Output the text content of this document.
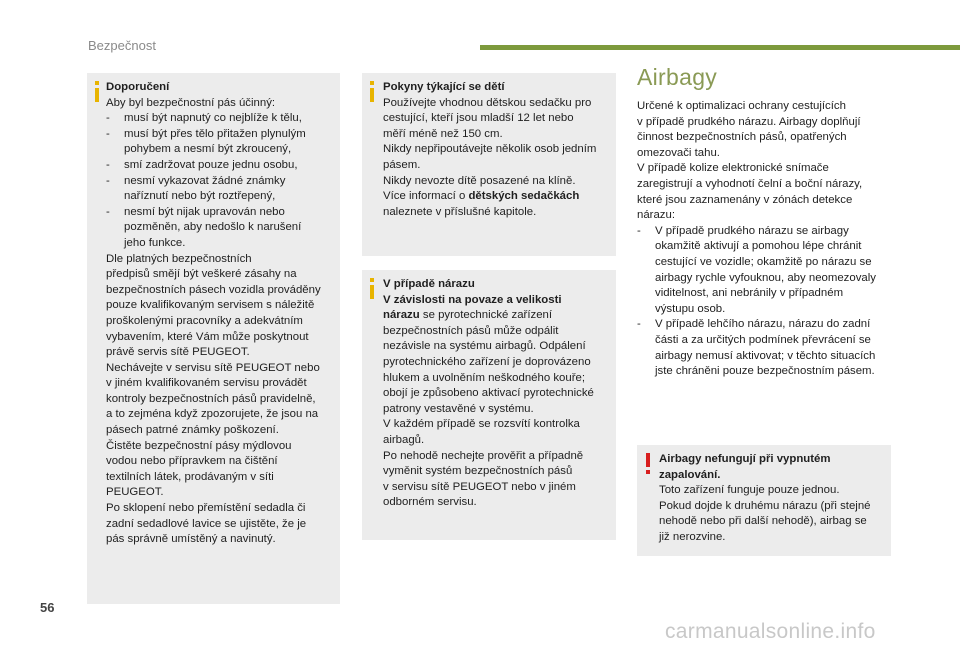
Bezpečnost
Doporučení
Aby byl bezpečnostní pás účinný:
- musí být napnutý co nejblíže k tělu,
- musí být přes tělo přitažen plynulým
pohybem a nesmí být zkroucený,
- smí zadržovat pouze jednu osobu,
- nesmí vykazovat žádné známky
naříznutí nebo být roztřepený,
- nesmí být nijak upravován nebo
pozměněn, aby nedošlo k narušení
jeho funkce.
Dle platných bezpečnostních
předpisů smějí být veškeré zásahy na
bezpečnostních pásech vozidla prováděny
pouze kvalifikovaným servisem s náležitě
proškolenými pracovníky a adekvátním
vybavením, které Vám může poskytnout
právě servis sítě PEUGEOT.
Nechávejte v servisu sítě PEUGEOT nebo
v jiném kvalifikovaném servisu provádět
kontroly bezpečnostních pásů pravidelně,
a to zejména když zpozorujete, že jsou na
pásech patrné známky poškození.
Čistěte bezpečnostní pásy mýdlovou
vodou nebo přípravkem na čištění
textilních látek, prodávaným v síti
PEUGEOT.
Po sklopení nebo přemístění sedadla či
zadní sedadlové lavice se ujistěte, že je
pás správně umístěný a navinutý.
Pokyny týkající se dětí
Používejte vhodnou dětskou sedačku pro
cestující, kteří jsou mladší 12 let nebo
měří méně než 150 cm.
Nikdy nepřipoutávejte několik osob jedním
pásem.
Nikdy nevozte dítě posazené na klíně.
Více informací o dětských sedačkách
naleznete v příslušné kapitole.
V případě nárazu
V závislosti na povaze a velikosti
nárazu se pyrotechnické zařízení
bezpečnostních pásů může odpálit
nezávisle na systému airbagů. Odpálení
pyrotechnického zařízení je doprovázeno
hlukem a uvolněním neškodného kouře;
obojí je způsobeno aktivací pyrotechnické
patrony vestavěné v systému.
V každém případě se rozsvítí kontrolka
airbagů.
Po nehodě nechejte prověřit a případně
vyměnit systém bezpečnostních pásů
v servisu sítě PEUGEOT nebo v jiném
odborném servisu.
Airbagy
Určené k optimalizaci ochrany cestujících
v případě prudkého nárazu. Airbagy doplňují
činnost bezpečnostních pásů, opatřených
omezovači tahu.
V případě kolize elektronické snímače
zaregistrují a vyhodnotí čelní a boční nárazy,
které jsou zaznamenány v zónách detekce
nárazu:
- V případě prudkého nárazu se airbagy
okamžitě aktivují a pomohou lépe chránit
cestující ve vozidle; okamžitě po nárazu se
airbagy rychle vyfouknou, aby neomezovaly
viditelnost, ani nebránily v případném
výstupu osob.
- V případě lehčího nárazu, nárazu do zadní
části a za určitých podmínek převrácení se
airbagy nemusí aktivovat; v těchto situacích
jste chráněni pouze bezpečnostním pásem.
Airbagy nefungují při vypnutém
zapalování.
Toto zařízení funguje pouze jednou.
Pokud dojde k druhému nárazu (při stejné
nehodě nebo při další nehodě), airbag se
již nerozvine.
56
carmanualsonline.info
